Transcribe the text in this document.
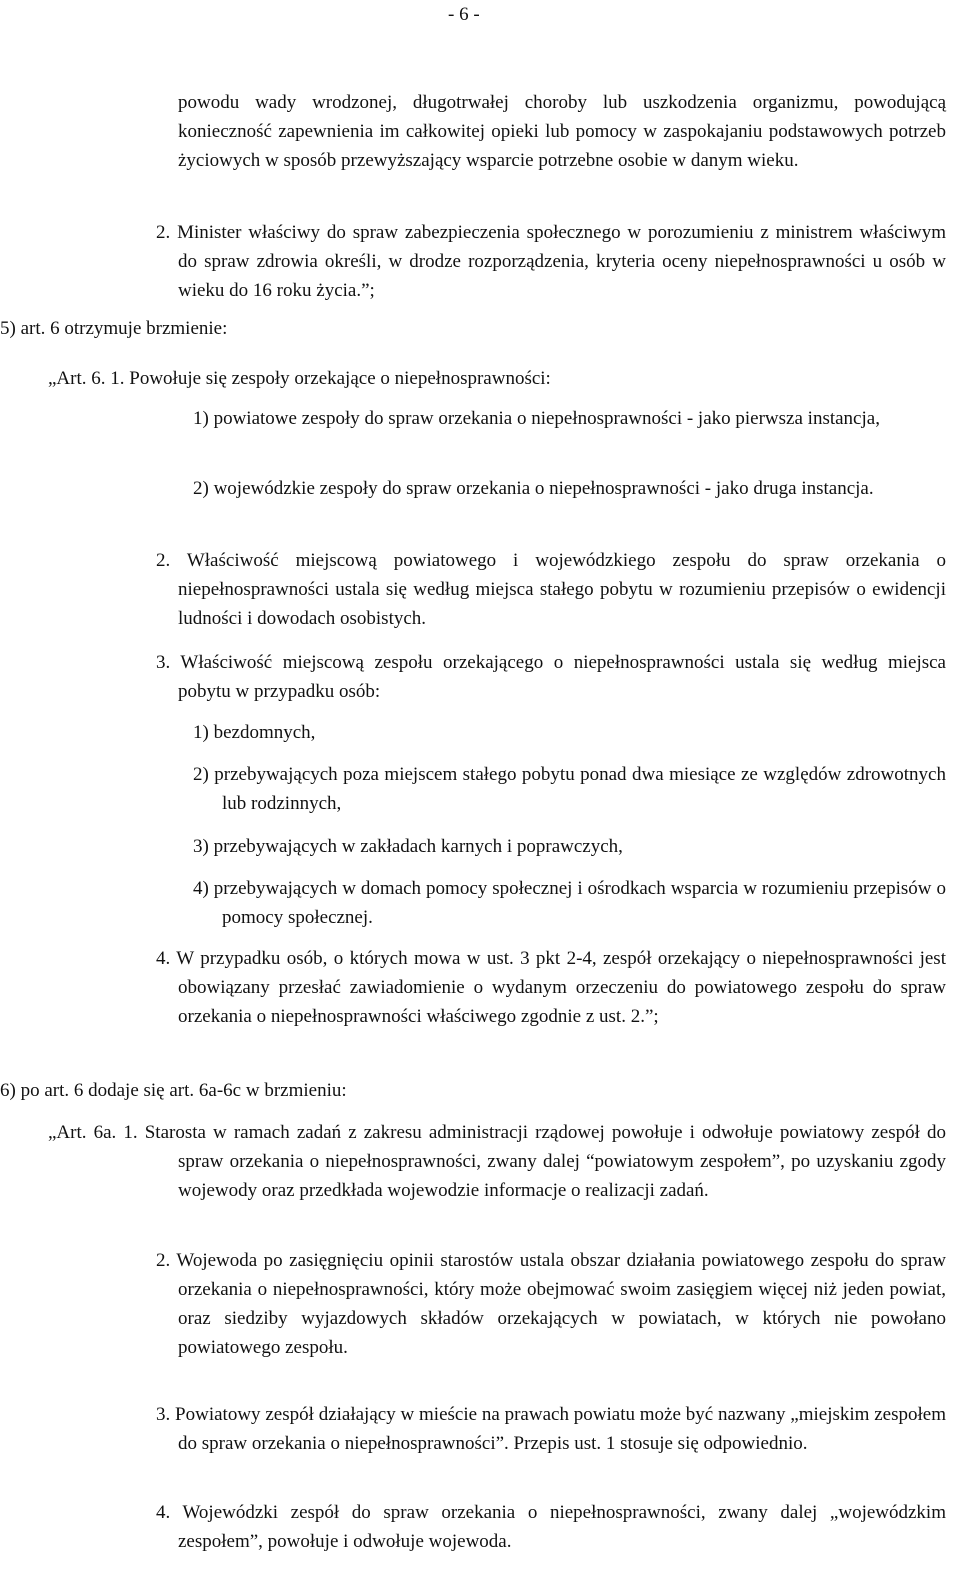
- 6 -
powodu wady wrodzonej, długotrwałej choroby lub uszkodzenia organizmu, powodującą konieczność zapewnienia im całkowitej opieki lub pomocy w zaspokajaniu podstawowych potrzeb życiowych w sposób przewyższający wsparcie potrzebne osobie w danym wieku.
2. Minister właściwy do spraw zabezpieczenia społecznego w porozumieniu z ministrem właściwym do spraw zdrowia określi, w drodze rozporządzenia, kryteria oceny niepełnosprawności u osób w wieku do 16 roku życia.”;
5) art. 6 otrzymuje brzmienie:
„Art. 6. 1. Powołuje się zespoły orzekające o niepełnosprawności:
1) powiatowe zespoły do spraw orzekania o niepełnosprawności - jako pierwsza instancja,
2) wojewódzkie zespoły do spraw orzekania o niepełnosprawności - jako druga instancja.
2. Właściwość miejscową powiatowego i wojewódzkiego zespołu do spraw orzekania o niepełnosprawności ustala się według miejsca stałego pobytu w rozumieniu przepisów o ewidencji ludności i dowodach osobistych.
3. Właściwość miejscową zespołu orzekającego o niepełnosprawności ustala się według miejsca pobytu w przypadku osób:
1) bezdomnych,
2) przebywających poza miejscem stałego pobytu ponad dwa miesiące ze względów zdrowotnych lub rodzinnych,
3) przebywających w zakładach karnych i poprawczych,
4) przebywających w domach pomocy społecznej i ośrodkach wsparcia w rozumieniu przepisów o pomocy społecznej.
4. W przypadku osób, o których mowa w ust. 3 pkt 2-4, zespół orzekający o niepełnosprawności jest obowiązany przesłać zawiadomienie o wydanym orzeczeniu do powiatowego zespołu do spraw orzekania o niepełnosprawności właściwego zgodnie z ust. 2.”;
6) po art. 6 dodaje się art. 6a-6c w brzmieniu:
„Art. 6a. 1. Starosta w ramach zadań z zakresu administracji rządowej powołuje i odwołuje powiatowy zespół do spraw orzekania o niepełnosprawności, zwany dalej “powiatowym zespołem”, po uzyskaniu zgody wojewody oraz przedkłada wojewodzie informacje o realizacji zadań.
2. Wojewoda po zasięgnięciu opinii starostów ustala obszar działania powiatowego zespołu do spraw orzekania o niepełnosprawności, który może obejmować swoim zasięgiem więcej niż jeden powiat, oraz siedziby wyjazdowych składów orzekających w powiatach, w których nie powołano powiatowego zespołu.
3. Powiatowy zespół działający w mieście na prawach powiatu może być nazwany „miejskim zespołem do spraw orzekania o niepełnosprawności”. Przepis ust. 1 stosuje się odpowiednio.
4. Wojewódzki zespół do spraw orzekania o niepełnosprawności, zwany dalej „wojewódzkim zespołem”, powołuje i odwołuje wojewoda.
